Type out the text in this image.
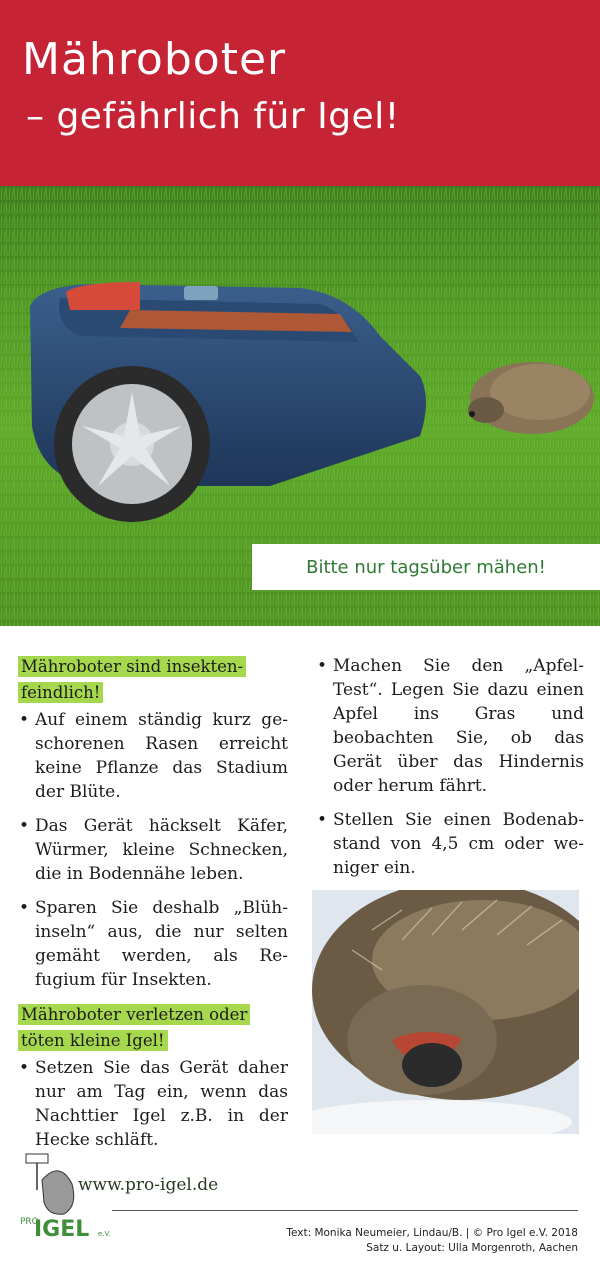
Mähroboter
– gefährlich für Igel!
Bitte nur tagsüber mähen!
Mähroboter sind insekten-
feindlich!
• Auf einem ständig kurz ge-schorenen Rasen erreicht keine Pflanze das Stadium der Blüte.
• Das Gerät häckselt Käfer, Würmer, kleine Schnecken, die in Bodennähe leben.
• Sparen Sie deshalb „Blüh-inseln“ aus, die nur selten gemäht werden, als Re-fugium für Insekten.
Mähroboter verletzen oder
töten kleine Igel!
• Setzen Sie das Gerät daher nur am Tag ein, wenn das Nachttier Igel z.B. in der Hecke schläft.
• Machen Sie den „Apfel-Test“. Legen Sie dazu einen Apfel ins Gras und beobachten Sie, ob das Gerät über das Hindernis oder herum fährt.
• Stellen Sie einen Bodenab-stand von 4,5 cm oder we-niger ein.
PRO
IGEL e.V.
www.pro-igel.de
Text: Monika Neumeier, Lindau/B. | © Pro Igel e.V. 2018
Satz u. Layout: Ulla Morgenroth, Aachen
